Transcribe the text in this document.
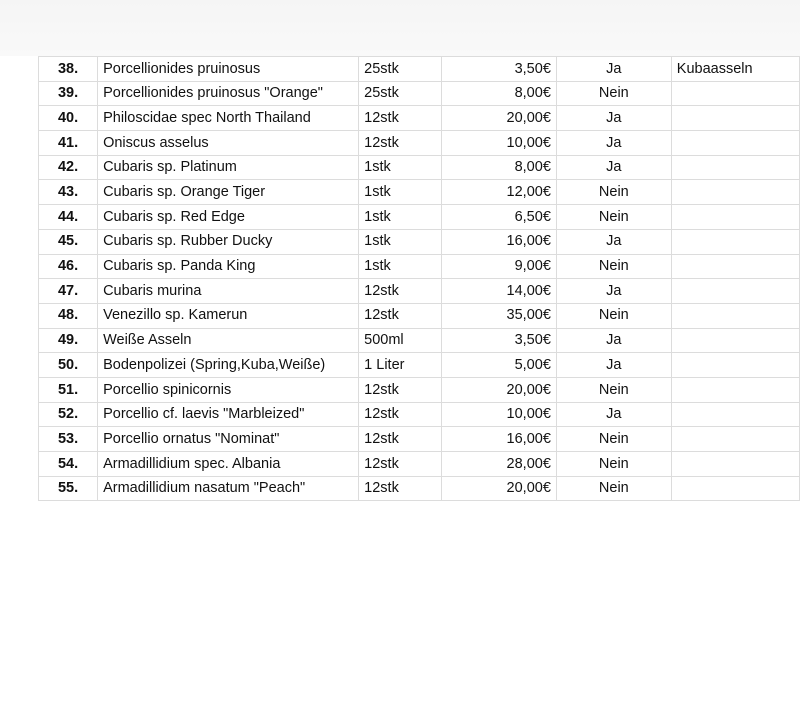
38.	Porcellionides pruinosus	25stk	3,50€	Ja	Kubaasseln
39.	Porcellionides pruinosus "Orange"	25stk	8,00€	Nein	
40.	Philoscidae spec North Thailand	12stk	20,00€	Ja	
41.	Oniscus asselus	12stk	10,00€	Ja	
42.	Cubaris sp. Platinum	1stk	8,00€	Ja	
43.	Cubaris sp. Orange Tiger	1stk	12,00€	Nein	
44.	Cubaris sp. Red Edge	1stk	6,50€	Nein	
45.	Cubaris sp. Rubber Ducky	1stk	16,00€	Ja	
46.	Cubaris sp. Panda King	1stk	9,00€	Nein	
47.	Cubaris murina	12stk	14,00€	Ja	
48.	Venezillo sp. Kamerun	12stk	35,00€	Nein	
49.	Weiße Asseln	500ml	3,50€	Ja	
50.	Bodenpolizei (Spring,Kuba,Weiße)	1 Liter	5,00€	Ja	
51.	Porcellio spinicornis	12stk	20,00€	Nein	
52.	Porcellio cf. laevis "Marbleized"	12stk	10,00€	Ja	
53.	Porcellio ornatus "Nominat"	12stk	16,00€	Nein	
54.	Armadillidium spec. Albania	12stk	28,00€	Nein	
55.	Armadillidium nasatum "Peach"	12stk	20,00€	Nein	
